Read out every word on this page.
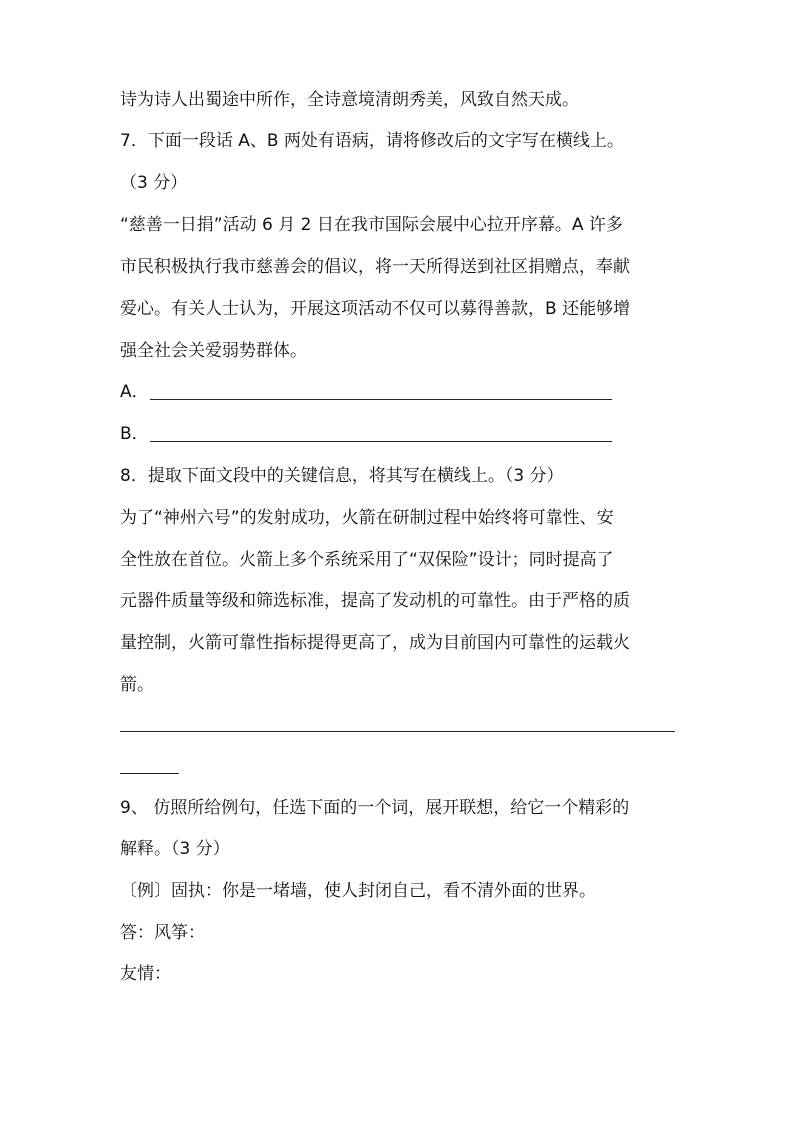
诗为诗人出蜀途中所作，全诗意境清朗秀美，风致自然天成。
7．下面一段话 A、B 两处有语病，请将修改后的文字写在横线上。
（3 分）
“慈善一日捐”活动 6 月 2 日在我市国际会展中心拉开序幕。A 许多
市民积极执行我市慈善会的倡议，将一天所得送到社区捐赠点，奉献
爱心。有关人士认为，开展这项活动不仅可以募得善款，B 还能够增
强全社会关爱弱势群体。
A．
B．
8．提取下面文段中的关键信息，将其写在横线上。（3 分）
为了“神州六号”的发射成功，火箭在研制过程中始终将可靠性、安
全性放在首位。火箭上多个系统采用了“双保险”设计；同时提高了
元器件质量等级和筛选标准，提高了发动机的可靠性。由于严格的质
量控制，火箭可靠性指标提得更高了，成为目前国内可靠性的运载火
箭。
9、 仿照所给例句，任选下面的一个词，展开联想，给它一个精彩的
解释。（3 分）
〔例〕固执：你是一堵墙，使人封闭自己，看不清外面的世界。
答：风筝：
友情：
